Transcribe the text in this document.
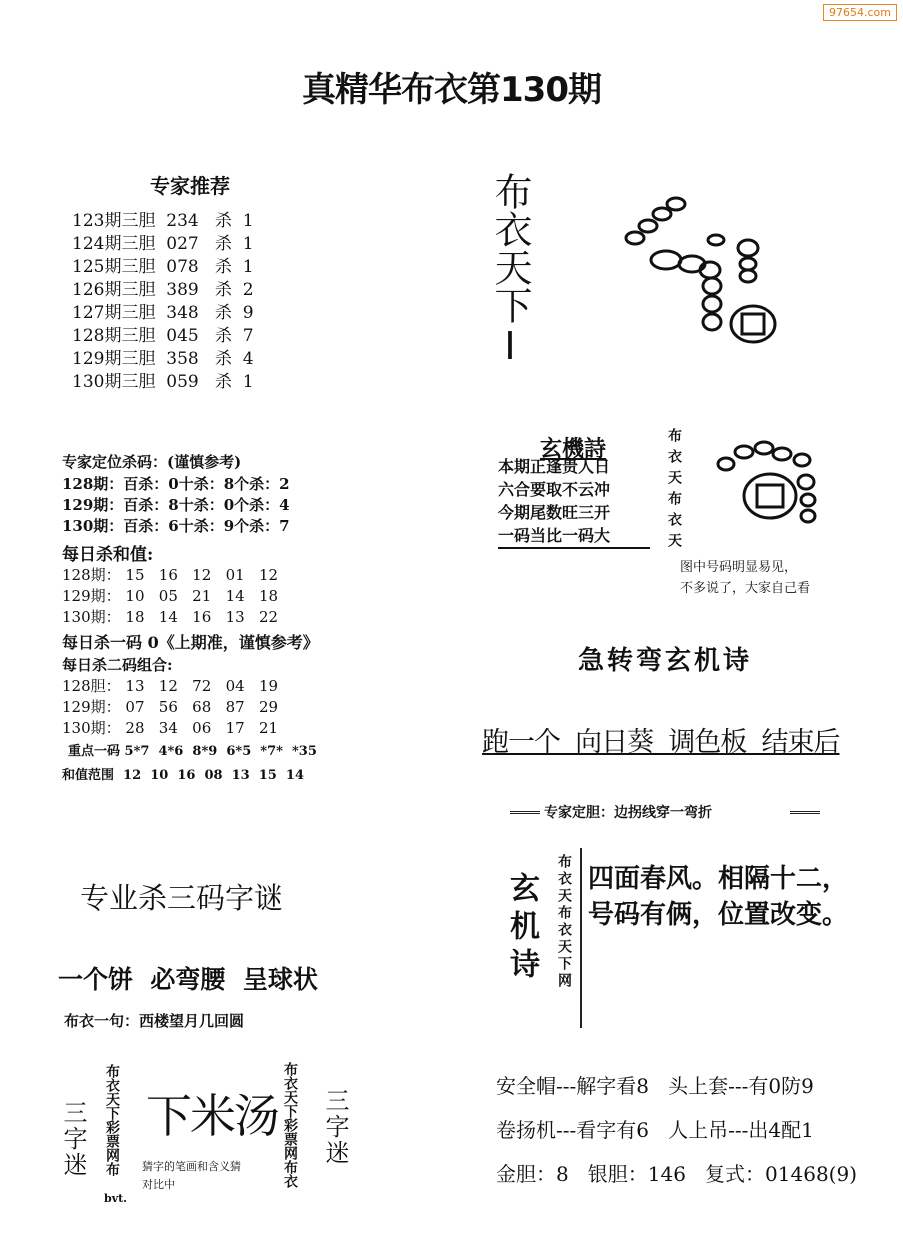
97654.com
真精华布衣第130期
专家推荐
123期三胆  234   杀  1
124期三胆  027   杀  1
125期三胆  078   杀  1
126期三胆  389   杀  2
127期三胆  348   杀  9
128期三胆  045   杀  7
129期三胆  358   杀  4
130期三胆  059   杀  1
专家定位杀码：(谨慎参考)
128期：百杀：0十杀：8个杀：2
129期：百杀：8十杀：0个杀：4
130期：百杀：6十杀：9个杀：7
每日杀和值:
128期： 15   16   12   01   12
129期： 10   05   21   14   18
130期： 18   14   16   13   22
每日杀一码 0《上期准，谨慎参考》
每日杀二码组合:
128胆： 13   12   72   04   19
129期： 07   56   68   87   29
130期： 28   34   06   17   21
重点一码 5*7  4*6  8*9  6*5  *7*  *35
和值范围  12  10  16  08  13  15  14
布衣天下I
玄機詩
本期正逢贵人日
六合要取不云冲
今期尾数旺三开
一码当比一码大	布衣天布衣天
图中号码明显易见，
不多说了，大家自己看
急转弯玄机诗
跑一个  向日葵  调色板  结束后
专家定胆：边拐线穿一弯折
玄机诗 布衣天布衣天下网 四面春风。相隔十二，
号码有俩，位置改变。
安全帽---解字看8   头上套---有0防9
卷扬机---看字有6   人上吊---出4配1
金胆：8   银胆：146   复式：01468(9)
专业杀三码字谜
一个饼  必弯腰  呈球状
布衣一句：西楼望月几回圆
三字迷 布衣天下彩票网布
bvt.
下米汤
猜字的笔画和含义猜
对比中	布衣天下彩票网布衣 三字迷
